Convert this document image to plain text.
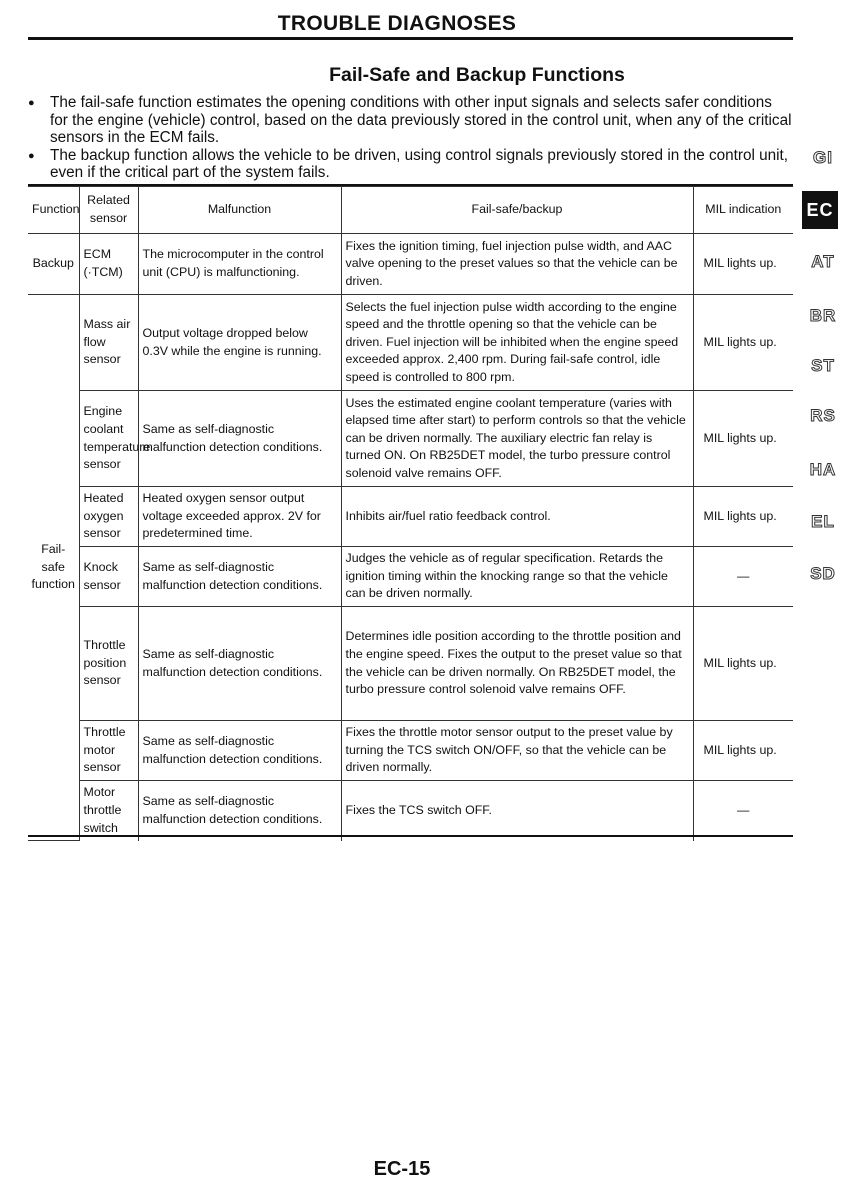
TROUBLE DIAGNOSES
Fail-Safe and Backup Functions
● The fail-safe function estimates the opening conditions with other input signals and selects safer conditions for the engine (vehicle) control, based on the data previously stored in the control unit, when any of the critical sensors in the ECM fails.
● The backup function allows the vehicle to be driven, using control signals previously stored in the control unit, even if the critical part of the system fails.
Function	Related sensor	Malfunction	Fail-safe/backup	MIL indication
Backup	ECM (·TCM)	The microcomputer in the control unit (CPU) is malfunctioning.	Fixes the ignition timing, fuel injection pulse width, and AAC valve opening to the preset values so that the vehicle can be driven.	MIL lights up.
Fail-safe function	Mass air flow sensor	Output voltage dropped below 0.3V while the engine is running.	Selects the fuel injection pulse width according to the engine speed and the throttle opening so that the vehicle can be driven. Fuel injection will be inhibited when the engine speed exceeded approx. 2,400 rpm. During fail-safe control, idle speed is controlled to 800 rpm.	MIL lights up.
	Engine coolant temperature sensor	Same as self-diagnostic malfunction detection conditions.	Uses the estimated engine coolant temperature (varies with elapsed time after start) to perform controls so that the vehicle can be driven normally. The auxiliary electric fan relay is turned ON. On RB25DET model, the turbo pressure control solenoid valve remains OFF.	MIL lights up.
	Heated oxygen sensor	Heated oxygen sensor output voltage exceeded approx. 2V for predetermined time.	Inhibits air/fuel ratio feedback control.	MIL lights up.
	Knock sensor	Same as self-diagnostic malfunction detection conditions.	Judges the vehicle as of regular specification. Retards the ignition timing within the knocking range so that the vehicle can be driven normally.	—
	Throttle position sensor	Same as self-diagnostic malfunction detection conditions.	Determines idle position according to the throttle position and the engine speed. Fixes the output to the preset value so that the vehicle can be driven normally. On RB25DET model, the turbo pressure control solenoid valve remains OFF.	MIL lights up.
	Throttle motor sensor	Same as self-diagnostic malfunction detection conditions.	Fixes the throttle motor sensor output to the preset value by turning the TCS switch ON/OFF, so that the vehicle can be driven normally.	MIL lights up.
	Motor throttle switch	Same as self-diagnostic malfunction detection conditions.	Fixes the TCS switch OFF.	—
GI
EC
AT
BR
ST
RS
HA
EL
SD
EC-15
